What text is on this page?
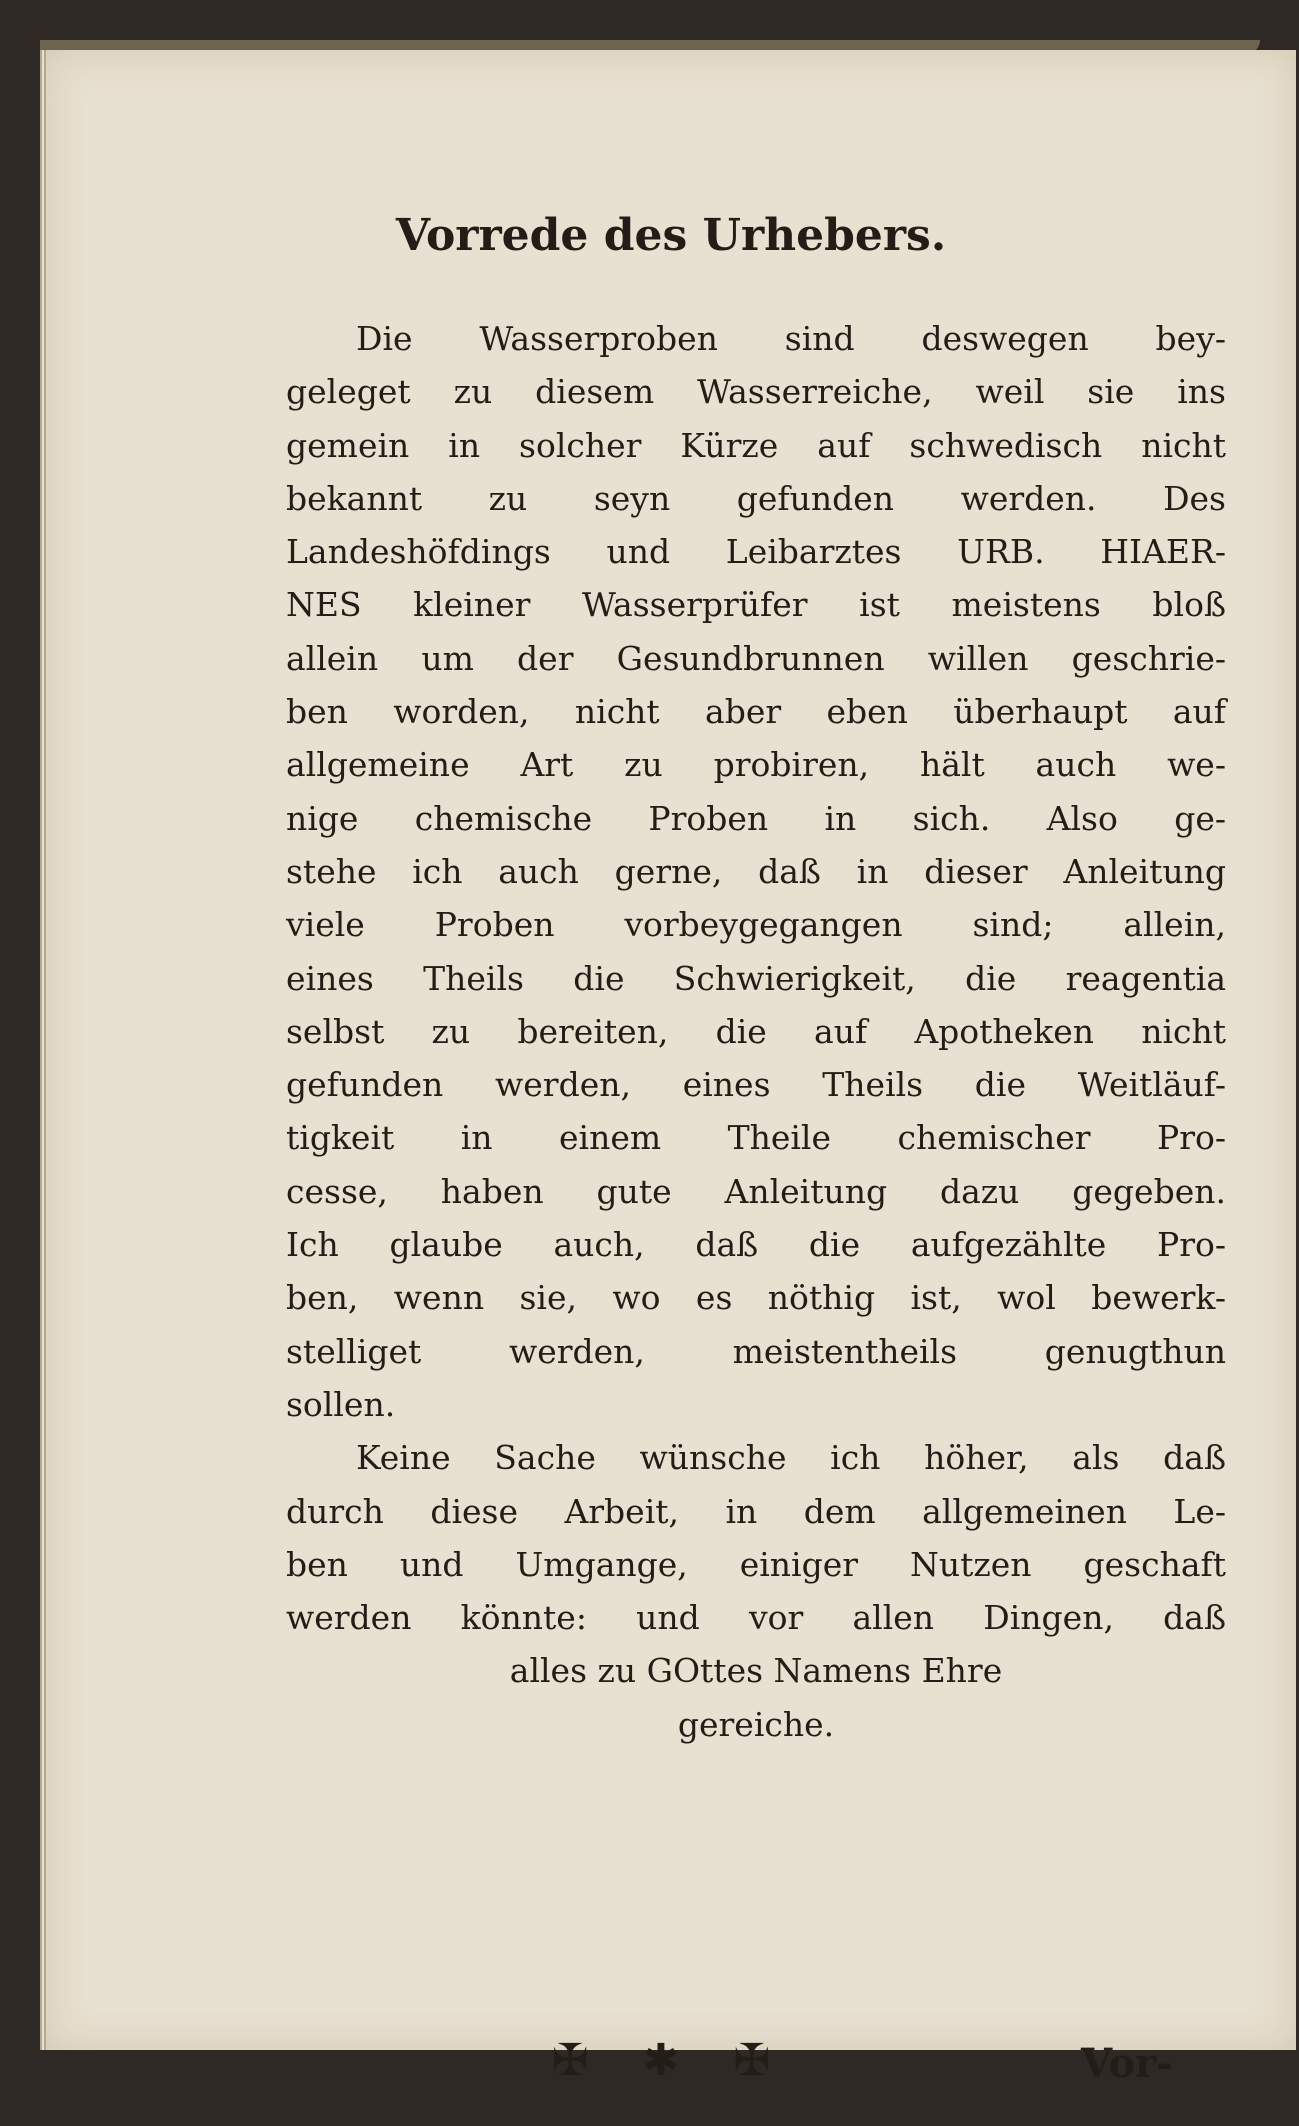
Vorrede des Urhebers.
Die Wasserproben sind deswegen bey-
geleget zu diesem Wasserreiche, weil sie ins
gemein in solcher Kürze auf schwedisch nicht
bekannt zu seyn gefunden werden. Des
Landeshöfdings und Leibarztes URB. HIAER-
NES kleiner Wasserprüfer ist meistens bloß
allein um der Gesundbrunnen willen geschrie-
ben worden, nicht aber eben überhaupt auf
allgemeine Art zu probiren, hält auch we-
nige chemische Proben in sich. Also ge-
stehe ich auch gerne, daß in dieser Anleitung
viele Proben vorbeygegangen sind; allein,
eines Theils die Schwierigkeit, die reagentia
selbst zu bereiten, die auf Apotheken nicht
gefunden werden, eines Theils die Weitläuf-
tigkeit in einem Theile chemischer Pro-
cesse, haben gute Anleitung dazu gegeben.
Ich glaube auch, daß die aufgezählte Pro-
ben, wenn sie, wo es nöthig ist, wol bewerk-
stelliget werden, meistentheils genugthun
sollen.
Keine Sache wünsche ich höher, als daß
durch diese Arbeit, in dem allgemeinen Le-
ben und Umgange, einiger Nutzen geschaft
werden könnte: und vor allen Dingen, daß
alles zu GOttes Namens Ehre
gereiche.
✠ ✱ ✠	Vor-
